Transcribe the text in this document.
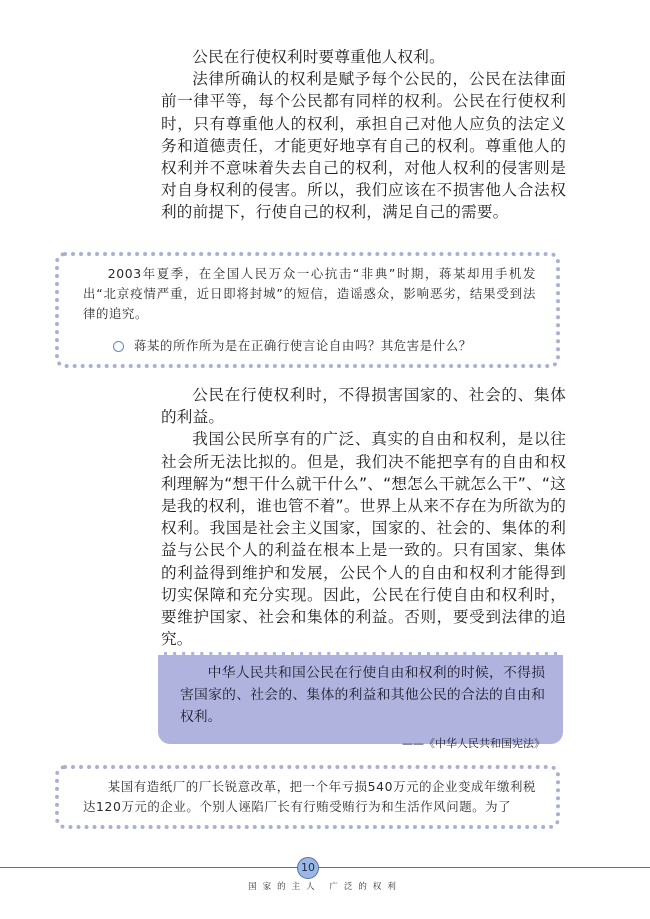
公民在行使权利时要尊重他人权利。

法律所确认的权利是赋予每个公民的，公民在法律面前一律平等，每个公民都有同样的权利。公民在行使权利时，只有尊重他人的权利，承担自己对他人应负的法定义务和道德责任，才能更好地享有自己的权利。尊重他人的权利并不意味着失去自己的权利，对他人权利的侵害则是对自身权利的侵害。所以，我们应该在不损害他人合法权利的前提下，行使自己的权利，满足自己的需要。

2003年夏季，在全国人民万众一心抗击“非典”时期，蒋某却用手机发出“北京疫情严重，近日即将封城”的短信，造谣惑众，影响恶劣，结果受到法律的追究。

蒋某的所作所为是在正确行使言论自由吗？其危害是什么？

公民在行使权利时，不得损害国家的、社会的、集体的利益。

我国公民所享有的广泛、真实的自由和权利，是以往社会所无法比拟的。但是，我们决不能把享有的自由和权利理解为“想干什么就干什么”、“想怎么干就怎么干”、“这是我的权利，谁也管不着”。世界上从来不存在为所欲为的权利。我国是社会主义国家，国家的、社会的、集体的利益与公民个人的利益在根本上是一致的。只有国家、集体的利益得到维护和发展，公民个人的自由和权利才能得到切实保障和充分实现。因此，公民在行使自由和权利时，要维护国家、社会和集体的利益。否则，要受到法律的追究。

中华人民共和国公民在行使自由和权利的时候，不得损害国家的、社会的、集体的利益和其他公民的合法的自由和权利。

——《中华人民共和国宪法》

某国有造纸厂的厂长锐意改革，把一个年亏损540万元的企业变成年缴利税达120万元的企业。个别人诬陷厂长有行贿受贿行为和生活作风问题。为了

10
国家的主人 广泛的权利
